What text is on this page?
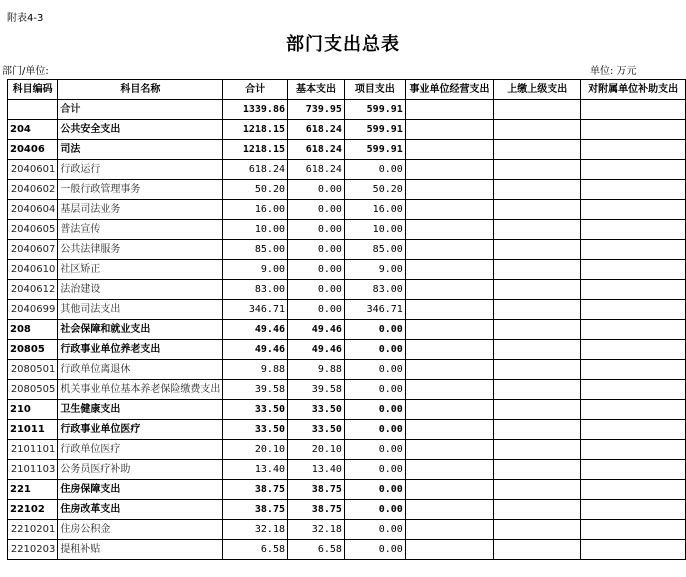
附表4-3
部门支出总表
部门/单位:	单位: 万元
科目编码	科目名称	合计	基本支出	项目支出	事业单位经营支出	上缴上级支出	对附属单位补助支出
	合计	1339.86	739.95	599.91			
204	公共安全支出	1218.15	618.24	599.91			
20406	司法	1218.15	618.24	599.91			
2040601	行政运行	618.24	618.24	0.00			
2040602	一般行政管理事务	50.20	0.00	50.20			
2040604	基层司法业务	16.00	0.00	16.00			
2040605	普法宣传	10.00	0.00	10.00			
2040607	公共法律服务	85.00	0.00	85.00			
2040610	社区矫正	9.00	0.00	9.00			
2040612	法治建设	83.00	0.00	83.00			
2040699	其他司法支出	346.71	0.00	346.71			
208	社会保障和就业支出	49.46	49.46	0.00			
20805	行政事业单位养老支出	49.46	49.46	0.00			
2080501	行政单位离退休	9.88	9.88	0.00			
2080505	机关事业单位基本养老保险缴费支出	39.58	39.58	0.00			
210	卫生健康支出	33.50	33.50	0.00			
21011	行政事业单位医疗	33.50	33.50	0.00			
2101101	行政单位医疗	20.10	20.10	0.00			
2101103	公务员医疗补助	13.40	13.40	0.00			
221	住房保障支出	38.75	38.75	0.00			
22102	住房改革支出	38.75	38.75	0.00			
2210201	住房公积金	32.18	32.18	0.00			
2210203	提租补贴	6.58	6.58	0.00			
